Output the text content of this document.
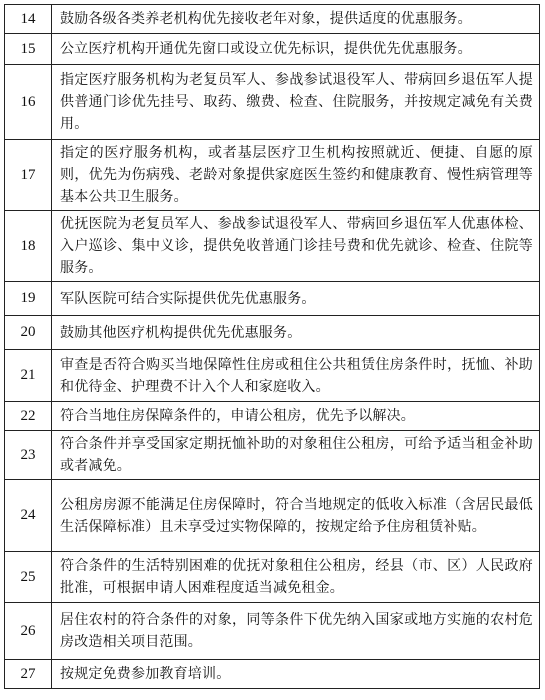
14	鼓励各级各类养老机构优先接收老年对象，提供适度的优惠服务。
15	公立医疗机构开通优先窗口或设立优先标识，提供优先优惠服务。
16	指定医疗服务机构为老复员军人、参战参试退役军人、带病回乡退伍军人提供普通门诊优先挂号、取药、缴费、检查、住院服务，并按规定减免有关费用。
17	指定的医疗服务机构，或者基层医疗卫生机构按照就近、便捷、自愿的原则，优先为伤病残、老龄对象提供家庭医生签约和健康教育、慢性病管理等基本公共卫生服务。
18	优抚医院为老复员军人、参战参试退役军人、带病回乡退伍军人优惠体检、入户巡诊、集中义诊，提供免收普通门诊挂号费和优先就诊、检查、住院等服务。
19	军队医院可结合实际提供优先优惠服务。
20	鼓励其他医疗机构提供优先优惠服务。
21	审查是否符合购买当地保障性住房或租住公共租赁住房条件时，抚恤、补助和优待金、护理费不计入个人和家庭收入。
22	符合当地住房保障条件的，申请公租房，优先予以解决。
23	符合条件并享受国家定期抚恤补助的对象租住公租房，可给予适当租金补助或者减免。
24	公租房房源不能满足住房保障时，符合当地规定的低收入标准（含居民最低生活保障标准）且未享受过实物保障的，按规定给予住房租赁补贴。
25	符合条件的生活特别困难的优抚对象租住公租房，经县（市、区）人民政府批准，可根据申请人困难程度适当减免租金。
26	居住农村的符合条件的对象，同等条件下优先纳入国家或地方实施的农村危房改造相关项目范围。
27	按规定免费参加教育培训。
